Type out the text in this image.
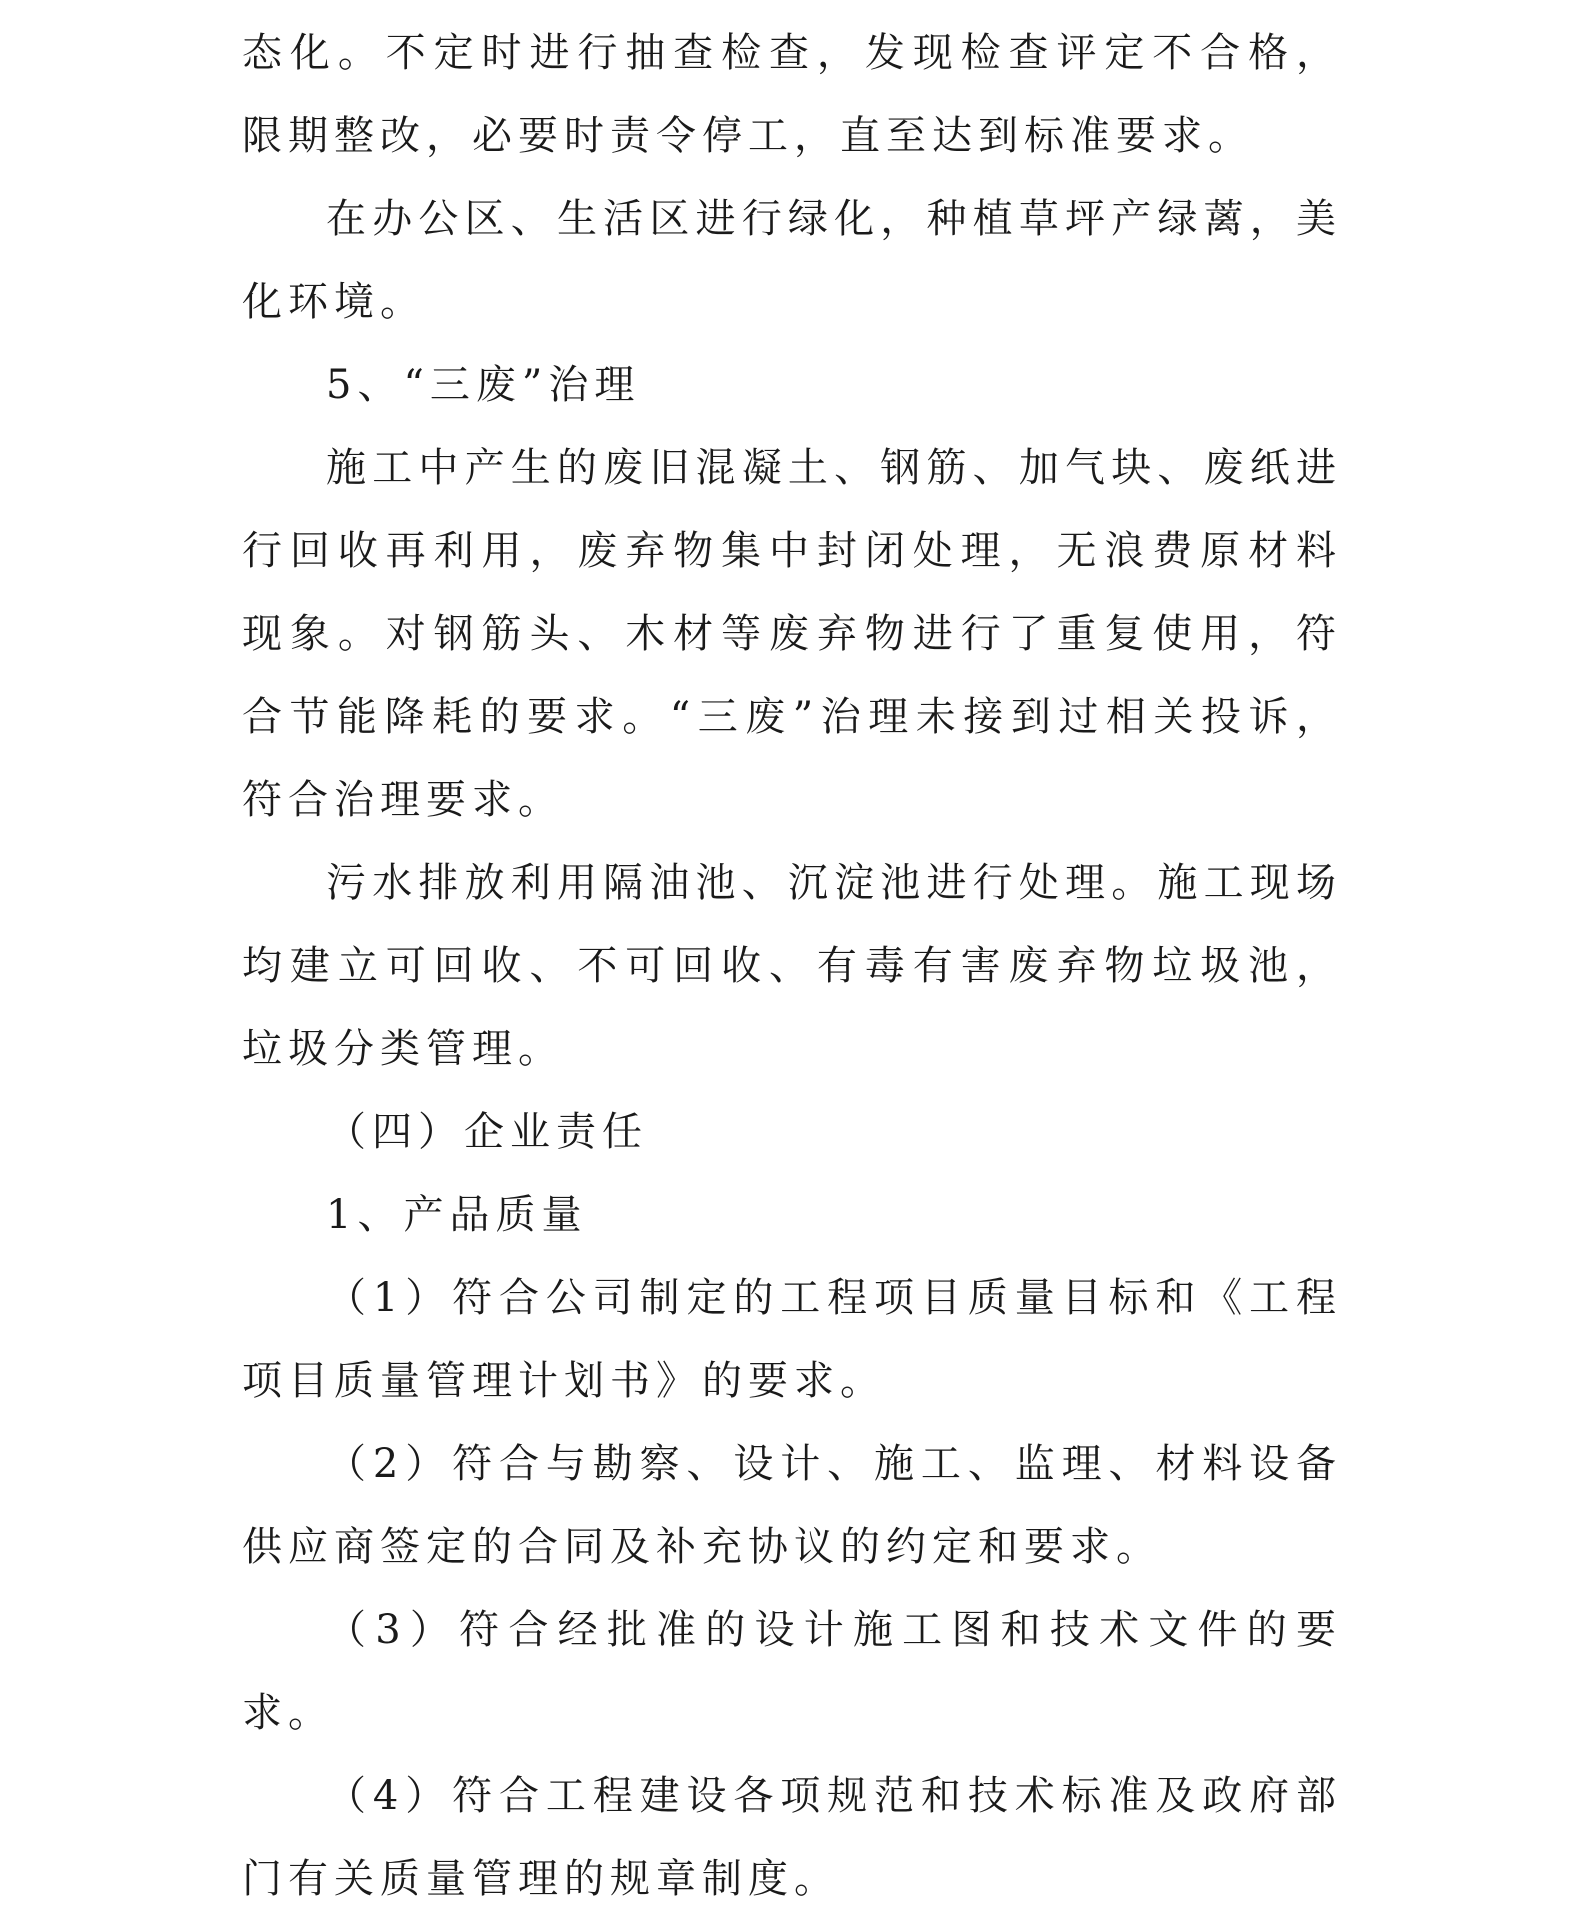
态化。不定时进行抽查检查，发现检查评定不合格，限期整改，必要时责令停工，直至达到标准要求。

在办公区、生活区进行绿化，种植草坪产绿蓠，美化环境。

5、“三废”治理

施工中产生的废旧混凝土、钢筋、加气块、废纸进行回收再利用，废弃物集中封闭处理，无浪费原材料现象。对钢筋头、木材等废弃物进行了重复使用，符合节能降耗的要求。“三废”治理未接到过相关投诉，符合治理要求。

污水排放利用隔油池、沉淀池进行处理。施工现场均建立可回收、不可回收、有毒有害废弃物垃圾池，垃圾分类管理。

（四）企业责任

1、产品质量

（1）符合公司制定的工程项目质量目标和《工程项目质量管理计划书》的要求。

（2）符合与勘察、设计、施工、监理、材料设备供应商签定的合同及补充协议的约定和要求。

（3）符合经批准的设计施工图和技术文件的要求。

（4）符合工程建设各项规范和技术标准及政府部门有关质量管理的规章制度。
